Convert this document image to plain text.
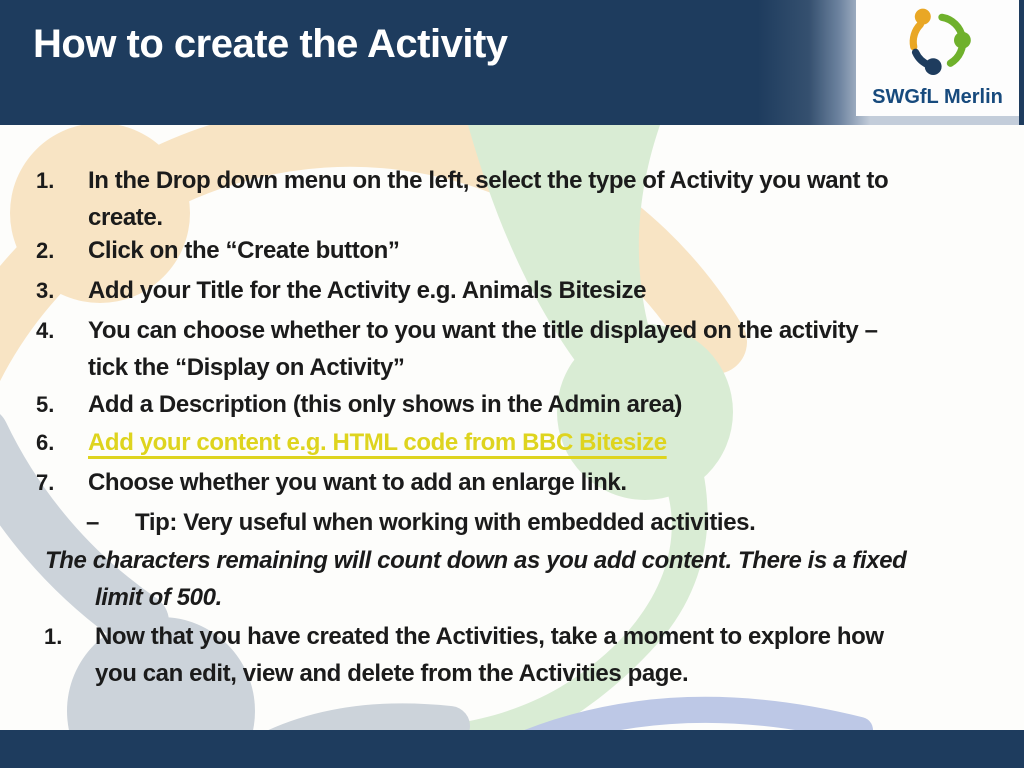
How to create the Activity
SWGfL Merlin
1. In the Drop down menu on the left, select the type of Activity you want to
create.
2. Click on the “Create button”
3. Add your Title for the Activity e.g. Animals Bitesize
4. You can choose whether to you want the title displayed on the activity –
tick the “Display on Activity”
5. Add a Description (this only shows in the Admin area)
6. Add your content e.g. HTML code from BBC Bitesize
7. Choose whether you want to add an enlarge link.
– Tip: Very useful when working with embedded activities.
The characters remaining will count down as you add content. There is a fixed
limit of 500.
1. Now that you have created the Activities, take a moment to explore how
you can edit, view and delete from the Activities page.
